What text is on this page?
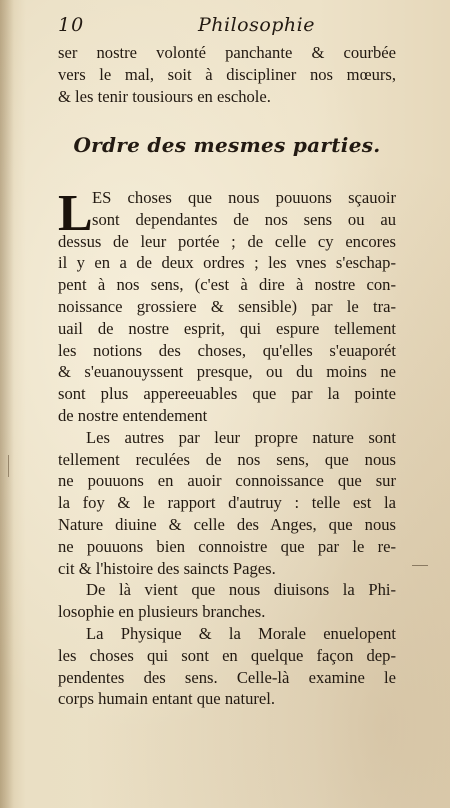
10	Philosophie
ser nostre volonté panchante & courbée
vers le mal, soit à discipliner nos mœurs,
& les tenir tousiours en eschole.
Ordre des mesmes parties.
L ES choses que nous pouuons sçauoir
sont dependantes de nos sens ou au
dessus de leur portée ; de celle cy encores
il y en a de deux ordres ; les vnes s'eschap-
pent à nos sens, (c'est à dire à nostre con-
noissance grossiere & sensible) par le tra-
uail de nostre esprit, qui espure tellement
les notions des choses, qu'elles s'euaporét
& s'euanouyssent presque, ou du moins ne
sont plus appereeuables que par la pointe
de nostre entendement
Les autres par leur propre nature sont
tellement reculées de nos sens, que nous
ne pouuons en auoir connoissance que sur
la foy & le rapport d'autruy : telle est la
Nature diuine & celle des Anges, que nous
ne pouuons bien connoistre que par le re-
cit & l'histoire des saincts Pages.
De là vient que nous diuisons la Phi-
losophie en plusieurs branches.
La Physique & la Morale enuelopent
les choses qui sont en quelque façon dep-
pendentes des sens. Celle-là examine le
corps humain entant que naturel.
